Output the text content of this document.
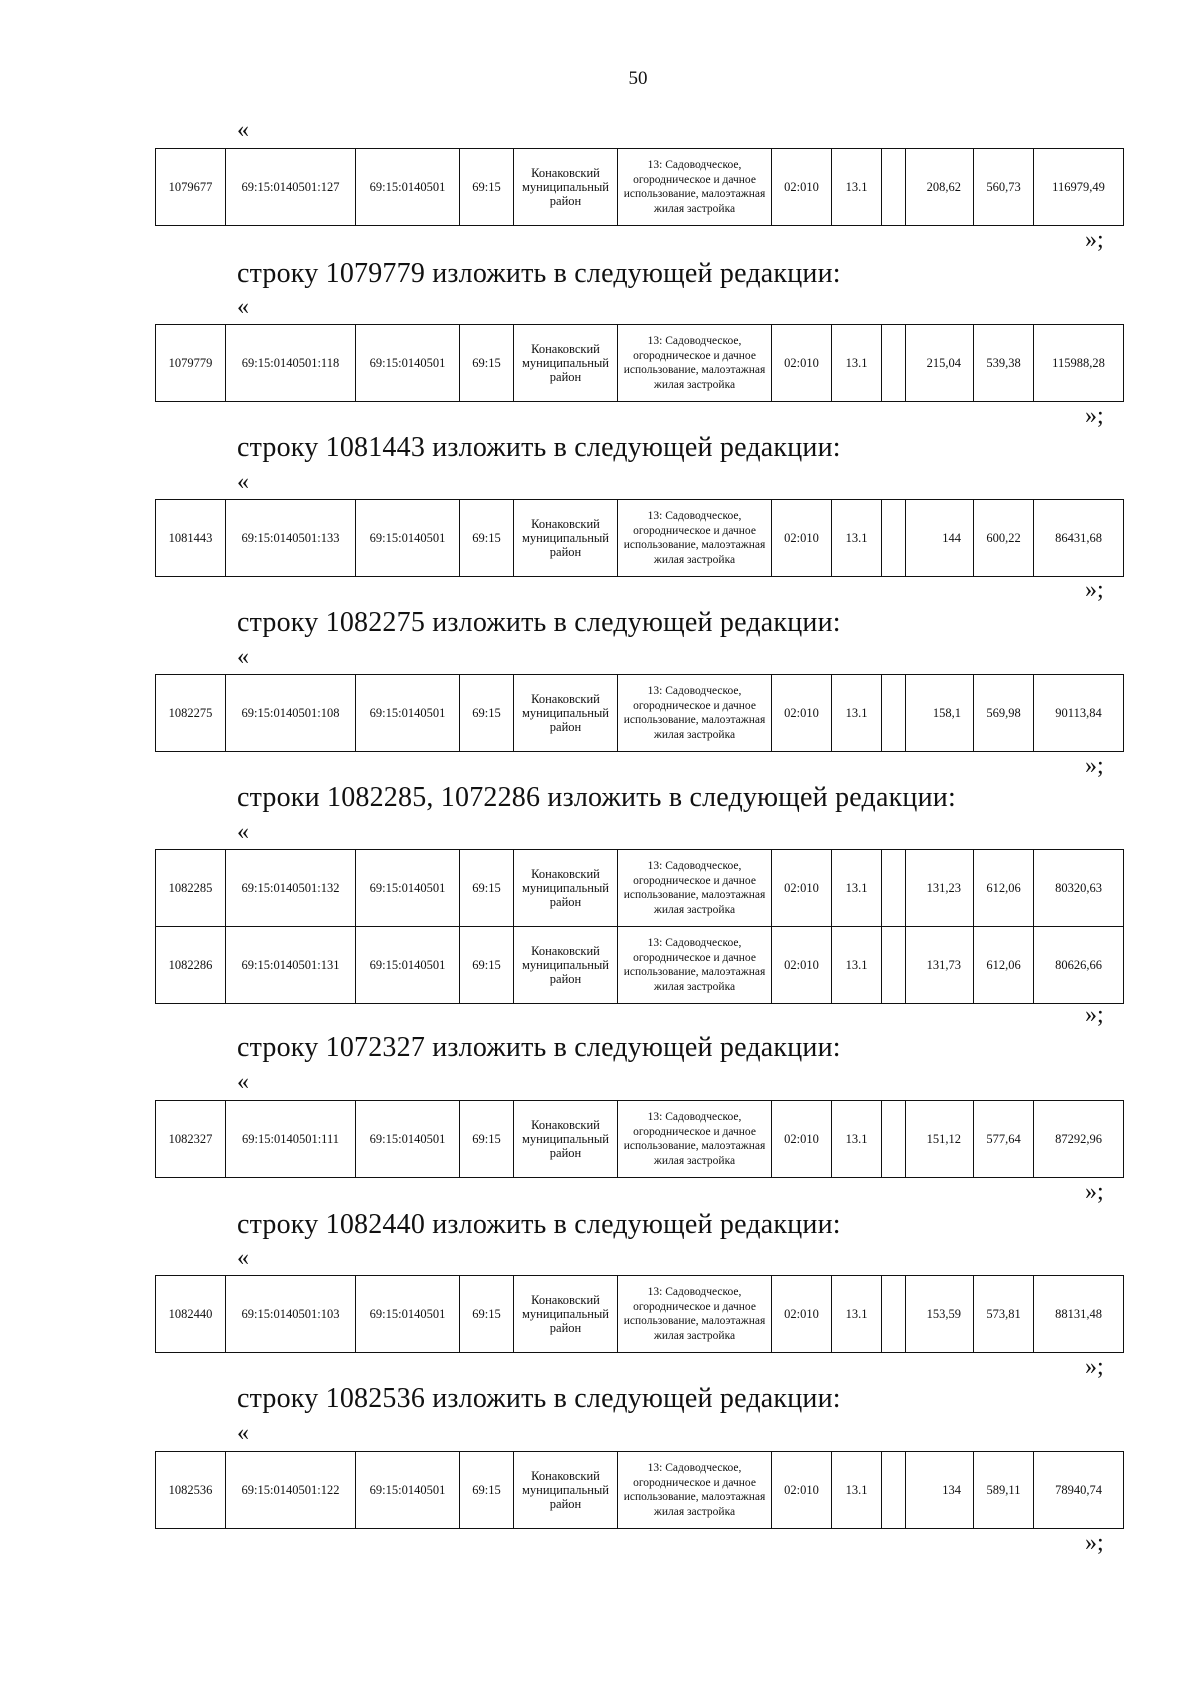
50
«
1079677	69:15:0140501:127	69:15:0140501	69:15	Конаковский муниципальный район	13: Садоводческое, огородническое и дачное использование, малоэтажная жилая застройка	02:010	13.1		208,62	560,73	116979,49
»;
строку 1079779 изложить в следующей редакции:
«
1079779	69:15:0140501:118	69:15:0140501	69:15	Конаковский муниципальный район	13: Садоводческое, огородническое и дачное использование, малоэтажная жилая застройка	02:010	13.1		215,04	539,38	115988,28
»;
строку 1081443 изложить в следующей редакции:
«
1081443	69:15:0140501:133	69:15:0140501	69:15	Конаковский муниципальный район	13: Садоводческое, огородническое и дачное использование, малоэтажная жилая застройка	02:010	13.1		144	600,22	86431,68
»;
строку 1082275 изложить в следующей редакции:
«
1082275	69:15:0140501:108	69:15:0140501	69:15	Конаковский муниципальный район	13: Садоводческое, огородническое и дачное использование, малоэтажная жилая застройка	02:010	13.1		158,1	569,98	90113,84
»;
строки 1082285, 1072286 изложить в следующей редакции:
«
1082285	69:15:0140501:132	69:15:0140501	69:15	Конаковский муниципальный район	13: Садоводческое, огородническое и дачное использование, малоэтажная жилая застройка	02:010	13.1		131,23	612,06	80320,63
1082286	69:15:0140501:131	69:15:0140501	69:15	Конаковский муниципальный район	13: Садоводческое, огородническое и дачное использование, малоэтажная жилая застройка	02:010	13.1		131,73	612,06	80626,66
»;
строку 1072327 изложить в следующей редакции:
«
1082327	69:15:0140501:111	69:15:0140501	69:15	Конаковский муниципальный район	13: Садоводческое, огородническое и дачное использование, малоэтажная жилая застройка	02:010	13.1		151,12	577,64	87292,96
»;
строку 1082440 изложить в следующей редакции:
«
1082440	69:15:0140501:103	69:15:0140501	69:15	Конаковский муниципальный район	13: Садоводческое, огородническое и дачное использование, малоэтажная жилая застройка	02:010	13.1		153,59	573,81	88131,48
»;
строку 1082536 изложить в следующей редакции:
«
1082536	69:15:0140501:122	69:15:0140501	69:15	Конаковский муниципальный район	13: Садоводческое, огородническое и дачное использование, малоэтажная жилая застройка	02:010	13.1		134	589,11	78940,74
»;
